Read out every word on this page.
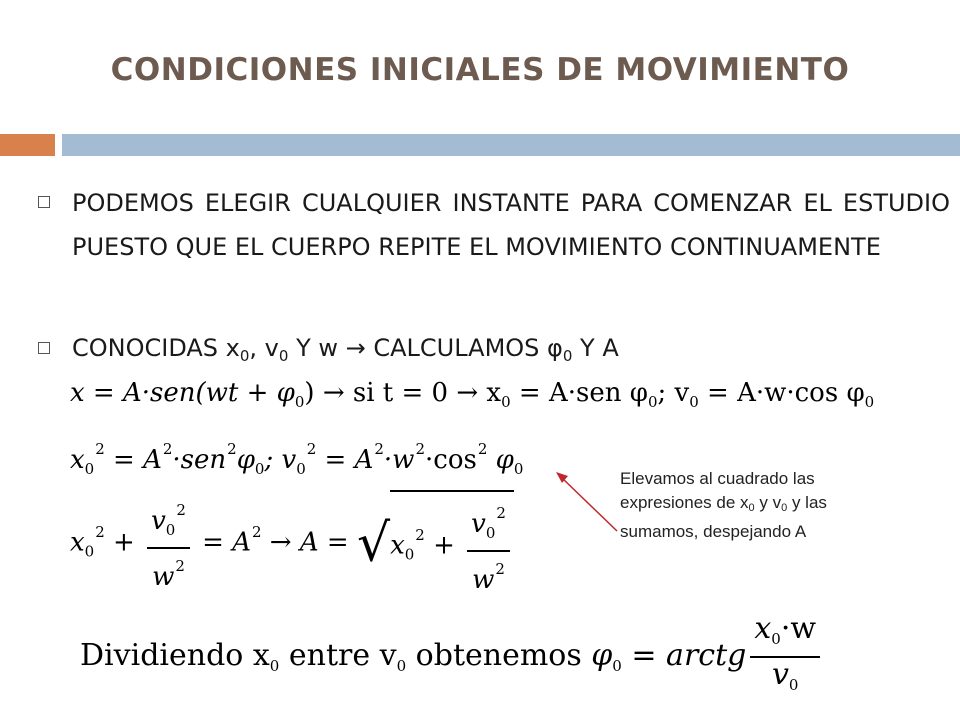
CONDICIONES INICIALES DE MOVIMIENTO
PODEMOS ELEGIR CUALQUIER INSTANTE PARA COMENZAR EL ESTUDIO PUESTO QUE EL CUERPO REPITE EL MOVIMIENTO CONTINUAMENTE
CONOCIDAS $x_0$, $v_0$ Y w → CALCULAMOS $\varphi_0$ Y A
$x = A\cdot sen(wt + \varphi_0)$ → si $t = 0 \to x_0 = A\cdot sen$ $\varphi_0$; $v_0 = A\cdot w\cdot\cos$ $\varphi_0$
$x_0^2 = A^2\cdot sen^2\varphi_0$; $v_0^2 = A^2\cdot w^2\cdot\cos^2$ $\varphi_0$
$x_0^2 + \frac{v_0^2}{w^2} = A^2 \to A = √x_0^2 + \frac{v_0^2}{w^2}$
Dividiendo $x_0$ entre $v_0$ obtenemos $\varphi_0$ = arctg $\frac{x_0\cdot w}{v_0}$
Elevamos al cuadrado las
expresiones de $x_0$ y $v_0$ y las
sumamos, despejando A
